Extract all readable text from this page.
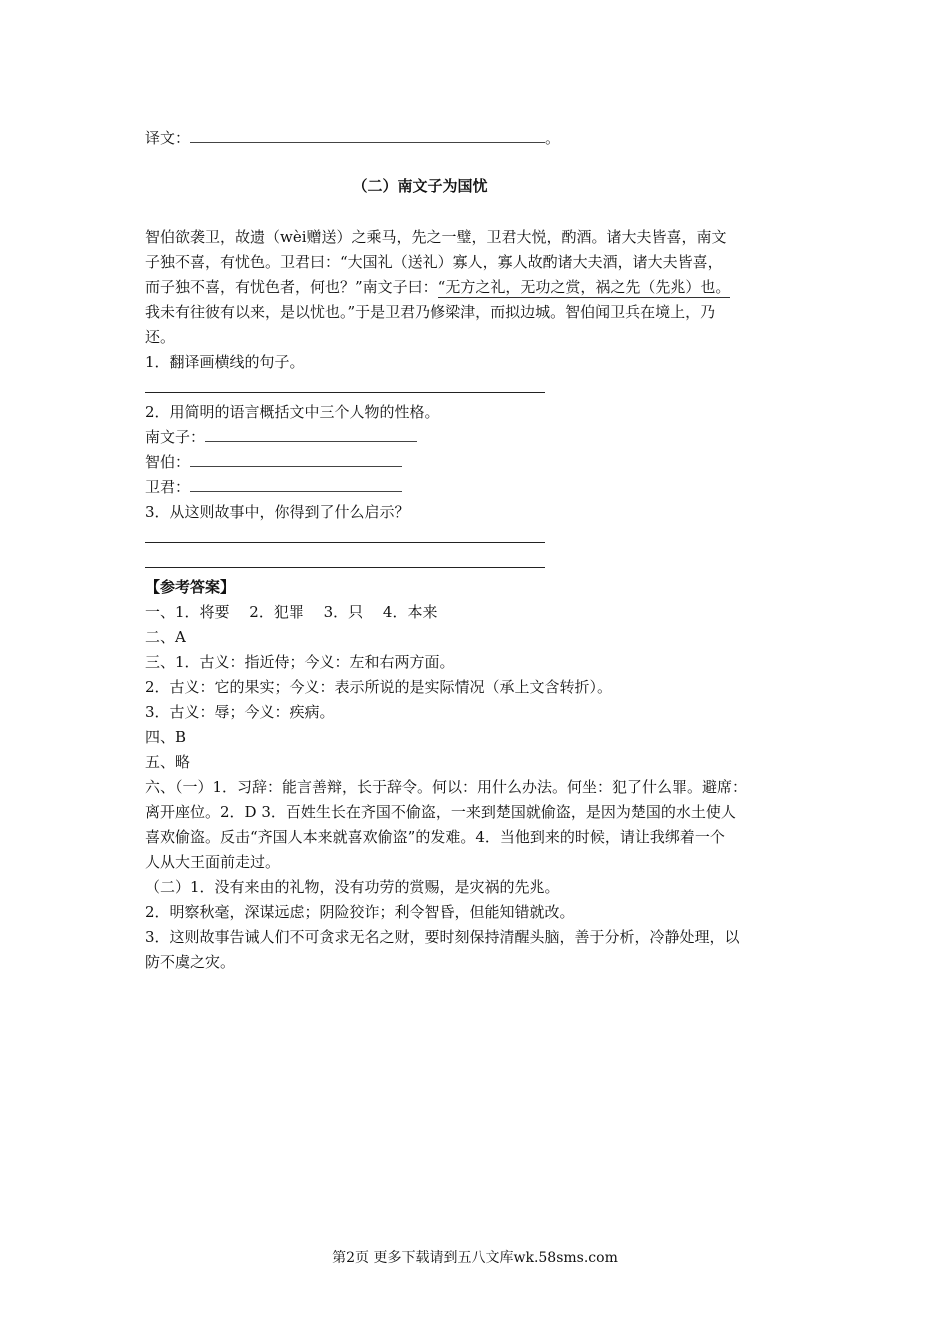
译文：	。
（二）南文子为国忧
智伯欲袭卫，故遗（wèi赠送）之乘马，先之一璧，卫君大悦，酌酒。诸大夫皆喜，南文
子独不喜，有忧色。卫君曰：“大国礼（送礼）寡人，寡人故酌诸大夫酒，诸大夫皆喜，
而子独不喜，有忧色者，何也？”南文子曰：“无方之礼，无功之赏，祸之先（先兆）也。
我未有往彼有以来，是以忧也。”于是卫君乃修梁津，而拟边城。智伯闻卫兵在境上，乃
还。
1．翻译画横线的句子。
2．用简明的语言概括文中三个人物的性格。
南文子：
智伯：
卫君：
3．从这则故事中，你得到了什么启示？
【参考答案】
一、1．将要　 2．犯罪　 3．只　 4．本来
二、A
三、1．古义：指近侍；今义：左和右两方面。
2．古义：它的果实；今义：表示所说的是实际情况（承上文含转折）。
3．古义：辱；今义：疾病。
四、B
五、略
六、（一）1．习辞：能言善辩，长于辞令。何以：用什么办法。何坐：犯了什么罪。避席：
离开座位。2．D 3．百姓生长在齐国不偷盗，一来到楚国就偷盗，是因为楚国的水土使人
喜欢偷盗。反击“齐国人本来就喜欢偷盗”的发难。4．当他到来的时候，请让我绑着一个
人从大王面前走过。
（二）1．没有来由的礼物，没有功劳的赏赐，是灾祸的先兆。
2．明察秋毫，深谋远虑；阴险狡诈；利令智昏，但能知错就改。
3．这则故事告诫人们不可贪求无名之财，要时刻保持清醒头脑，善于分析，冷静处理，以
防不虞之灾。
第2页 更多下载请到五八文库wk.58sms.com
